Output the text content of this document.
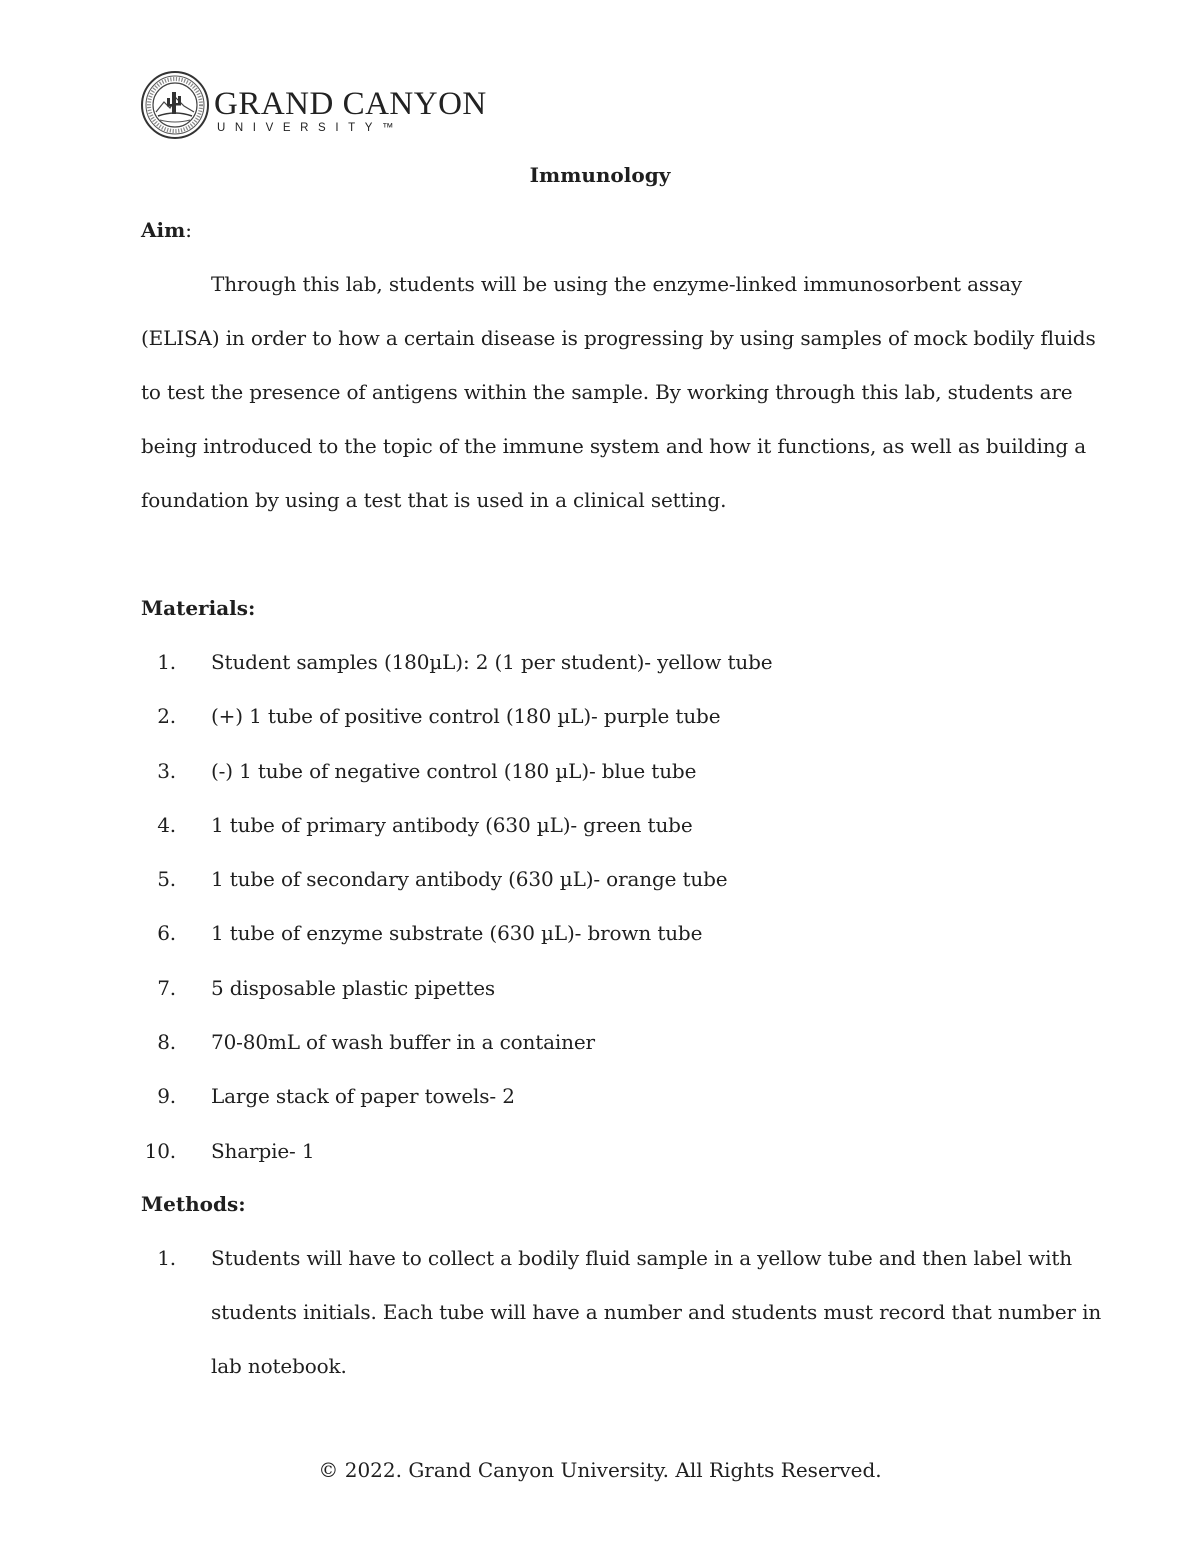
GRAND CANYON
UNIVERSITY™
Immunology
Aim:
Through this lab, students will be using the enzyme-linked immunosorbent assay
(ELISA) in order to how a certain disease is progressing by using samples of mock bodily fluids
to test the presence of antigens within the sample. By working through this lab, students are
being introduced to the topic of the immune system and how it functions, as well as building a
foundation by using a test that is used in a clinical setting.
Materials:
1. Student samples (180µL): 2 (1 per student)- yellow tube
2. (+) 1 tube of positive control (180 µL)- purple tube
3. (-) 1 tube of negative control (180 µL)- blue tube
4. 1 tube of primary antibody (630 µL)- green tube
5. 1 tube of secondary antibody (630 µL)- orange tube
6. 1 tube of enzyme substrate (630 µL)- brown tube
7. 5 disposable plastic pipettes
8. 70-80mL of wash buffer in a container
9. Large stack of paper towels- 2
10. Sharpie- 1
Methods:
1.	Students will have to collect a bodily fluid sample in a yellow tube and then label with
students initials. Each tube will have a number and students must record that number in
lab notebook.
© 2022. Grand Canyon University. All Rights Reserved.
